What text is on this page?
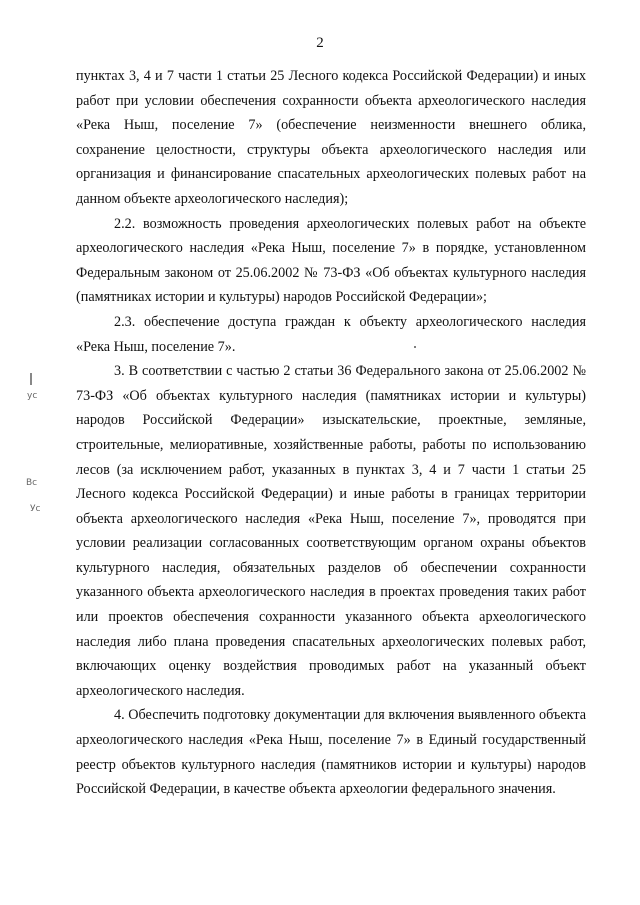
2
ус
Вс
Ус

пунктах 3, 4 и 7 части 1 статьи 25 Лесного кодекса Российской Федерации) и иных работ при условии обеспечения сохранности объекта археологического наследия «Река Ныш, поселение 7» (обеспечение неизменности внешнего облика, сохранение целостности, структуры объекта археологического наследия или организация и финансирование спасательных археологических полевых работ на данном объекте археологического наследия);

2.2. возможность проведения археологических полевых работ на объекте археологического наследия «Река Ныш, поселение 7» в порядке, установленном Федеральным законом от 25.06.2002 № 73-ФЗ «Об объектах культурного наследия (памятниках истории и культуры) народов Российской Федерации»;

2.3. обеспечение доступа граждан к объекту археологического наследия «Река Ныш, поселение 7».

3. В соответствии с частью 2 статьи 36 Федерального закона от 25.06.2002 № 73-ФЗ «Об объектах культурного наследия (памятниках истории и культуры) народов Российской Федерации» изыскательские, проектные, земляные, строительные, мелиоративные, хозяйственные работы, работы по использованию лесов (за исключением работ, указанных в пунктах 3, 4 и 7 части 1 статьи 25 Лесного кодекса Российской Федерации) и иные работы в границах территории объекта археологического наследия «Река Ныш, поселение 7», проводятся при условии реализации согласованных соответствующим органом охраны объектов культурного наследия, обязательных разделов об обеспечении сохранности указанного объекта археологического наследия в проектах проведения таких работ или проектов обеспечения сохранности указанного объекта археологического наследия либо плана проведения спасательных археологических полевых работ, включающих оценку воздействия проводимых работ на указанный объект археологического наследия.

4. Обеспечить подготовку документации для включения выявленного объекта археологического наследия «Река Ныш, поселение 7» в Единый государственный реестр объектов культурного наследия (памятников истории и культуры) народов Российской Федерации, в качестве объекта археологии федерального значения.
